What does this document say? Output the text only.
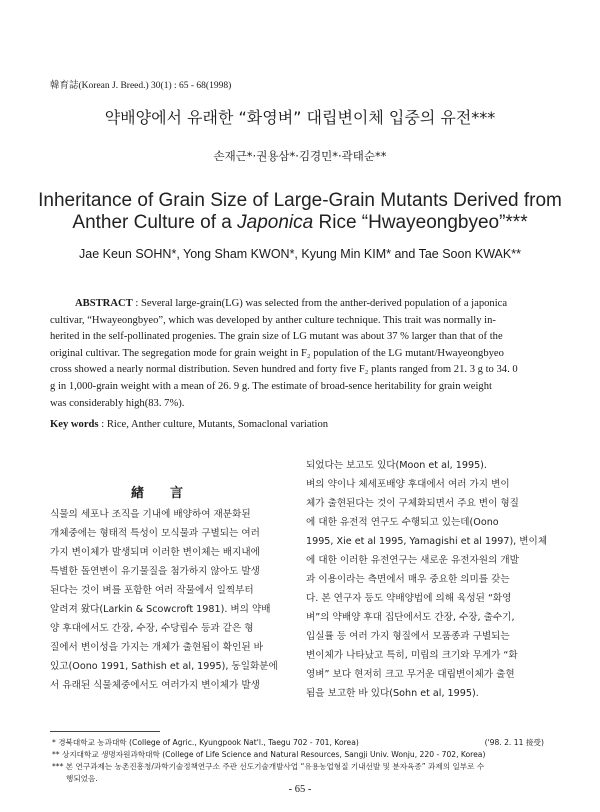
韓育誌(Korean J. Breed.) 30(1) : 65 - 68(1998)
약배양에서 유래한 “화영벼” 대립변이체 입중의 유전***
손재근*·권용삼*·김경민*·곽태순**
Inheritance of Grain Size of Large-Grain Mutants Derived from
Anther Culture of a Japonica Rice “Hwayeongbyeo”***
Jae Keun SOHN*, Yong Sham KWON*, Kyung Min KIM* and Tae Soon KWAK**
ABSTRACT : Several large-grain(LG) was selected from the anther-derived population of a japonica
cultivar, “Hwayeongbyeo”, which was developed by anther culture technique. This trait was normally in-
herited in the self-pollinated progenies. The grain size of LG mutant was about 37 % larger than that of the
original cultivar. The segregation mode for grain weight in F₂ population of the LG mutant/Hwayeongbyeo
cross showed a nearly normal distribution. Seven hundred and forty five F₂ plants ranged from 21. 3 g to 34. 0
g in 1,000-grain weight with a mean of 26. 9 g. The estimate of broad-sence heritability for grain weight
was considerably high(83. 7%).
Key words : Rice, Anther culture, Mutants, Somaclonal variation
緖言
식물의 세포나 조직을 기내에 배양하여 재분화된
개체중에는 형태적 특성이 모식물과 구별되는 여러
가지 변이체가 발생되며 이러한 변이체는 배지내에
특별한 돌연변이 유기물질을 첨가하지 않아도 발생
된다는 것이 벼를 포함한 여러 작물에서 일찍부터
알려져 왔다(Larkin & Scowcroft 1981). 벼의 약배
양 후대에서도 간장, 수장, 수당립수 등과 같은 형
질에서 변이성을 가지는 개체가 출현됨이 확인된 바
있고(Oono 1991, Sathish et al, 1995), 동일화분에
서 유래된 식물체중에서도 여러가지 변이체가 발생
되었다는 보고도 있다(Moon et al, 1995).
벼의 약이나 체세포배양 후대에서 여러 가지 변이
체가 출현된다는 것이 구체화되면서 주요 변이 형질
에 대한 유전적 연구도 수행되고 있는데(Oono
1995, Xie et al 1995, Yamagishi et al 1997), 변이체
에 대한 이러한 유전연구는 새로운 유전자원의 개발
과 이용이라는 측면에서 매우 중요한 의미를 갖는
다. 본 연구자 등도 약배양법에 의해 육성된 “화영
벼”의 약배양 후대 집단에서도 간장, 수장, 출수기,
입실률 등 여러 가지 형질에서 모품종과 구별되는
변이체가 나타났고 특히, 미립의 크기와 무게가 “화
영벼” 보다 현저히 크고 무거운 대립변이체가 출현
됨을 보고한 바 있다(Sohn et al, 1995).
* 경북대학교 농과대학 (College of Agric., Kyungpook Nat'l., Taegu 702 - 701, Korea)	('98. 2. 11 接受)
** 상지대학교 생명자원과학대학 (College of Life Science and Natural Resources, Sangji Univ. Wonju, 220 - 702, Korea)
*** 본 연구과제는 농촌진흥청/과학기술정책연구소 주관 선도기술개발사업 “유용농업형질 기내선발 및 분자육종” 과제의 일부로 수
행되었음.
- 65 -
